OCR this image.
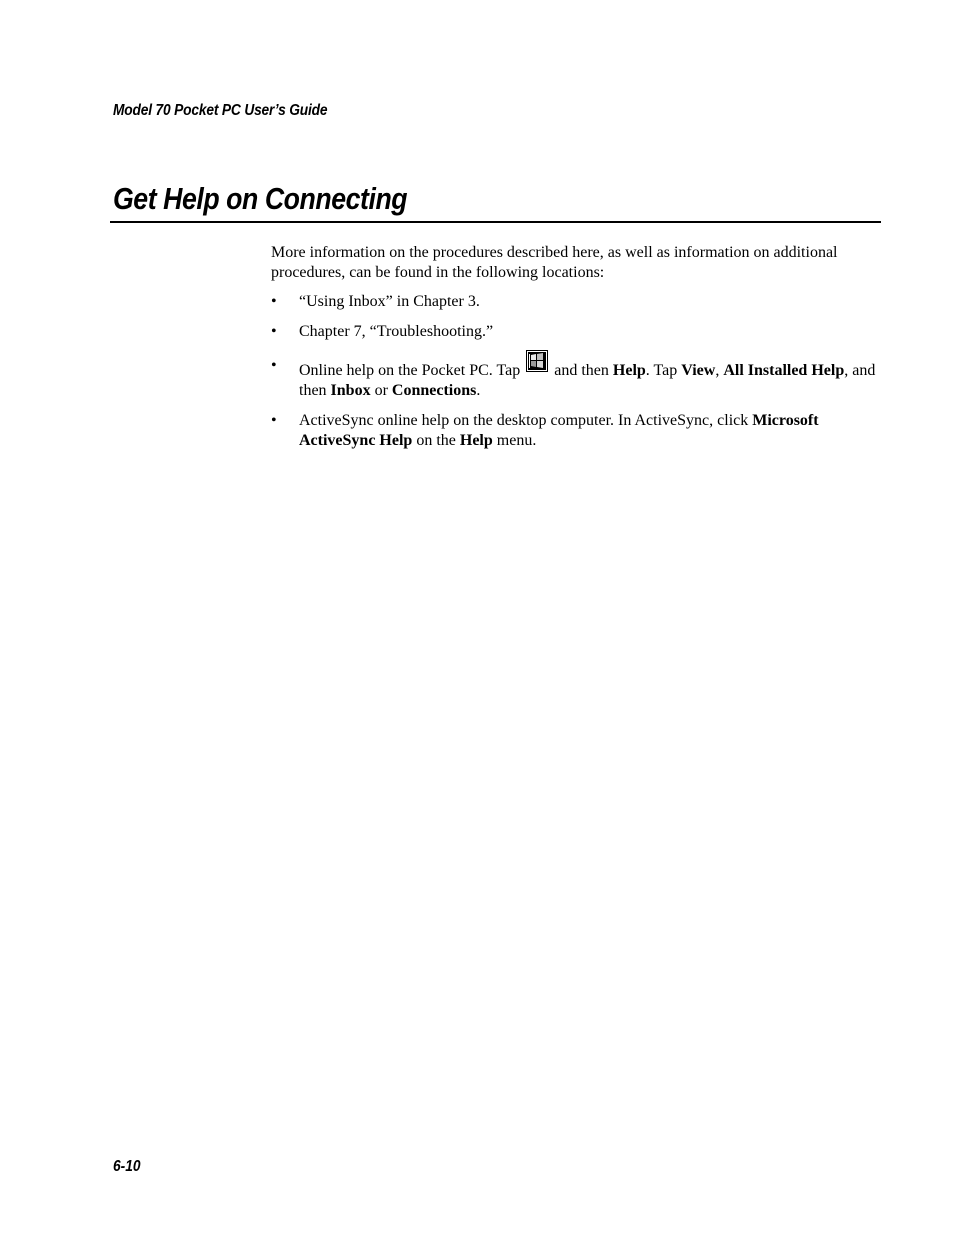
Model 70 Pocket PC User’s Guide
Get Help on Connecting

More information on the procedures described here, as well as information on additional procedures, can be found in the following locations:

• “Using Inbox” in Chapter 3.
• Chapter 7, “Troubleshooting.”
• Online help on the Pocket PC. Tap and then Help. Tap View, All Installed Help, and then Inbox or Connections.
• ActiveSync online help on the desktop computer. In ActiveSync, click Microsoft ActiveSync Help on the Help menu.
6-10
